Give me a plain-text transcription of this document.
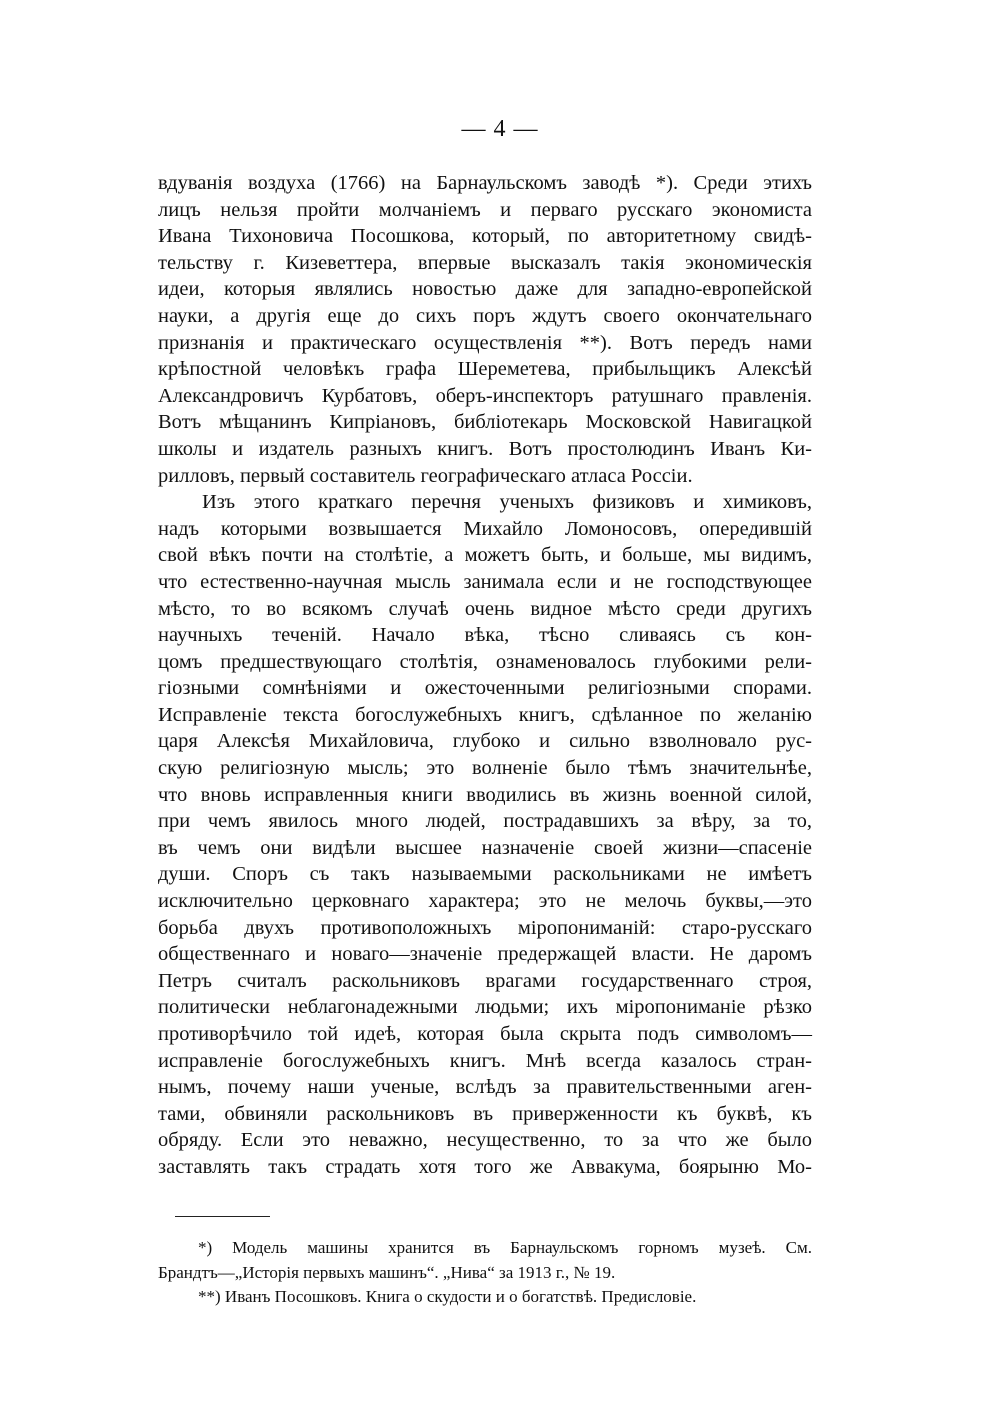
— 4 —
вдуванія воздуха (1766) на Барнаульскомъ заводѣ *). Среди этихъ
лицъ нельзя пройти молчаніемъ и перваго русскаго экономиста
Ивана Тихоновича Посошкова, который, по авторитетному свидѣ-
тельству г. Кизеветтера, впервые высказалъ такія экономическія
идеи, которыя являлись новостью даже для западно-европейской
науки, а другія еще до сихъ поръ ждутъ своего окончательнаго
признанія и практическаго осуществленія **). Вотъ передъ нами
крѣпостной человѣкъ графа Шереметева, прибыльщикъ Алексѣй
Александровичъ Курбатовъ, оберъ-инспекторъ ратушнаго правленія.
Вотъ мѣщанинъ Кипріановъ, библіотекарь Московской Навигацкой
школы и издатель разныхъ книгъ. Вотъ простолюдинъ Иванъ Ки-
рилловъ, первый составитель географическаго атласа Россіи.
Изъ этого краткаго перечня ученыхъ физиковъ и химиковъ,
надъ которыми возвышается Михайло Ломоносовъ, опередившій
свой вѣкъ почти на столѣтіе, а можетъ быть, и больше, мы видимъ,
что естественно-научная мысль занимала если и не господствующее
мѣсто, то во всякомъ случаѣ очень видное мѣсто среди другихъ
научныхъ теченій. Начало вѣка, тѣсно сливаясь съ кон-
цомъ предшествующаго столѣтія, ознаменовалось глубокими рели-
гіозными сомнѣніями и ожесточенными религіозными спорами.
Исправленіе текста богослужебныхъ книгъ, сдѣланное по желанію
царя Алексѣя Михайловича, глубоко и сильно взволновало рус-
скую религіозную мысль; это волненіе было тѣмъ значительнѣе,
что вновь исправленныя книги вводились въ жизнь военной силой,
при чемъ явилось много людей, пострадавшихъ за вѣру, за то,
въ чемъ они видѣли высшее назначеніе своей жизни—спасеніе
души. Споръ съ такъ называемыми раскольниками не имѣетъ
исключительно церковнаго характера; это не мелочь буквы,—это
борьба двухъ противоположныхъ міропониманій: старо-русскаго
общественнаго и новаго—значеніе предержащей власти. Не даромъ
Петръ считалъ раскольниковъ врагами государственнаго строя,
политически неблагонадежными людьми; ихъ міропониманіе рѣзко
противорѣчило той идеѣ, которая была скрыта подъ символомъ—
исправленіе богослужебныхъ книгъ. Мнѣ всегда казалось стран-
нымъ, почему наши ученые, вслѣдъ за правительственными аген-
тами, обвиняли раскольниковъ въ приверженности къ буквѣ, къ
обряду. Если это неважно, несущественно, то за что же было
заставлять такъ страдать хотя того же Аввакума, боярыню Мо-
*) Модель машины хранится въ Барнаульскомъ горномъ музеѣ. См.
Брандтъ—„Исторія первыхъ машинъ“. „Нива“ за 1913 г., № 19.
**) Иванъ Посошковъ. Книга о скудости и о богатствѣ. Предисловіе.
